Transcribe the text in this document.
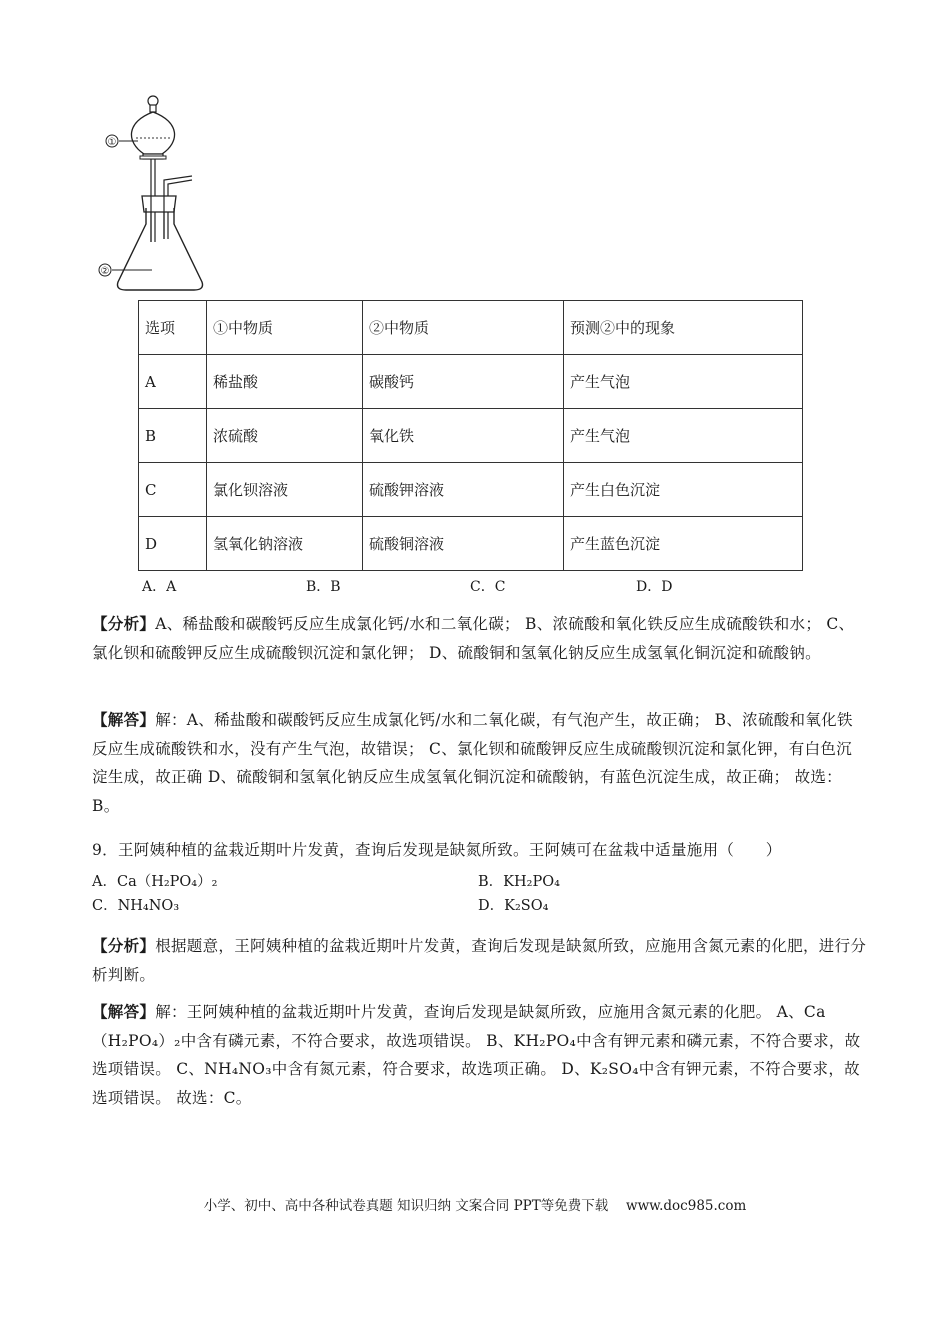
①
②
选项	①中物质	②中物质	预测②中的现象
A	稀盐酸	碳酸钙	产生气泡
B	浓硫酸	氧化铁	产生气泡
C	氯化钡溶液	硫酸钾溶液	产生白色沉淀
D	氢氧化钠溶液	硫酸铜溶液	产生蓝色沉淀
A．A	B．B	C．C	D．D
【分析】A、稀盐酸和碳酸钙反应生成氯化钙/水和二氧化碳； B、浓硫酸和氧化铁反应生成硫酸铁和水； C、氯化钡和硫酸钾反应生成硫酸钡沉淀和氯化钾； D、硫酸铜和氢氧化钠反应生成氢氧化铜沉淀和硫酸钠。
【解答】解：A、稀盐酸和碳酸钙反应生成氯化钙/水和二氧化碳，有气泡产生，故正确； B、浓硫酸和氧化铁反应生成硫酸铁和水，没有产生气泡，故错误； C、氯化钡和硫酸钾反应生成硫酸钡沉淀和氯化钾，有白色沉淀生成，故正确 D、硫酸铜和氢氧化钠反应生成氢氧化铜沉淀和硫酸钠，有蓝色沉淀生成，故正确； 故选：B。
9．王阿姨种植的盆栽近期叶片发黄，查询后发现是缺氮所致。王阿姨可在盆栽中适量施用（　　）
A．Ca（H₂PO₄）₂	B．KH₂PO₄
C．NH₄NO₃	D．K₂SO₄
【分析】根据题意，王阿姨种植的盆栽近期叶片发黄，查询后发现是缺氮所致，应施用含氮元素的化肥，进行分析判断。
【解答】解：王阿姨种植的盆栽近期叶片发黄，查询后发现是缺氮所致，应施用含氮元素的化肥。 A、Ca（H₂PO₄）₂中含有磷元素，不符合要求，故选项错误。 B、KH₂PO₄中含有钾元素和磷元素，不符合要求，故选项错误。 C、NH₄NO₃中含有氮元素，符合要求，故选项正确。 D、K₂SO₄中含有钾元素，不符合要求，故选项错误。 故选：C。
小学、初中、高中各种试卷真题 知识归纳 文案合同 PPT等免费下载　 www.doc985.com
